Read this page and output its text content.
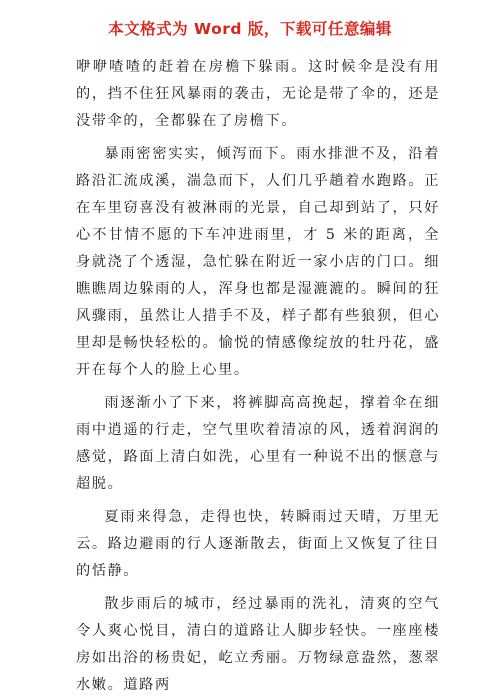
本文格式为 Word 版，下载可任意编辑

咿咿喳喳的赶着在房檐下躲雨。这时候伞是没有用的，挡不住狂风暴雨的袭击，无论是带了伞的，还是没带伞的，全都躲在了房檐下。

暴雨密密实实，倾泻而下。雨水排泄不及，沿着路沿汇流成溪，湍急而下，人们几乎趟着水跑路。正在车里窃喜没有被淋雨的光景，自己却到站了，只好心不甘情不愿的下车冲进雨里，才 5 米的距离，全身就浇了个透湿，急忙躲在附近一家小店的门口。细瞧瞧周边躲雨的人，浑身也都是湿漉漉的。瞬间的狂风骤雨，虽然让人措手不及，样子都有些狼狈，但心里却是畅快轻松的。愉悦的情感像绽放的牡丹花，盛开在每个人的脸上心里。

雨逐渐小了下来，将裤脚高高挽起，撑着伞在细雨中逍遥的行走，空气里吹着清凉的风，透着润润的感觉，路面上清白如洗，心里有一种说不出的惬意与超脱。

夏雨来得急，走得也快，转瞬雨过天晴，万里无云。路边避雨的行人逐渐散去，街面上又恢复了往日的恬静。

散步雨后的城市，经过暴雨的洗礼，清爽的空气令人爽心悦目，清白的道路让人脚步轻快。一座座楼房如出浴的杨贵妃，屹立秀丽。万物绿意盎然，葱翠水嫩。道路两
